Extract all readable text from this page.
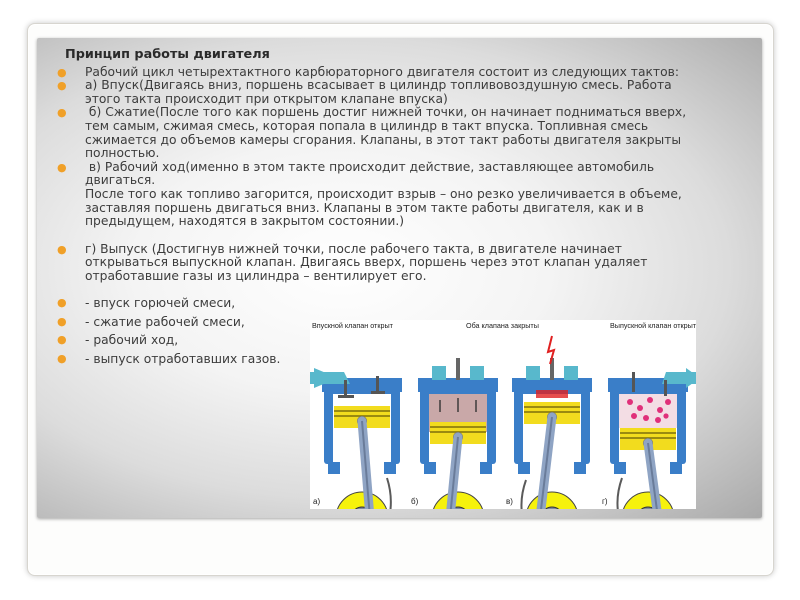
Принцип работы двигателя
● Рабочий цикл четырехтактного карбюраторного двигателя состоит из следующих тактов:
● а) Впуск(Двигаясь вниз, поршень всасывает в цилиндр топливовоздушную смесь. Работа
этого такта происходит при открытом клапане впуска)
● б) Сжатие(После того как поршень достиг нижней точки, он начинает подниматься вверх,
тем самым, сжимая смесь, которая попала в цилиндр в такт впуска. Топливная смесь
сжимается до объемов камеры сгорания. Клапаны, в этот такт работы двигателя закрыты
полностью.
● в) Рабочий ход(именно в этом такте происходит действие, заставляющее автомобиль
двигаться.
После того как топливо загорится, происходит взрыв – оно резко увеличивается в объеме,
заставляя поршень двигаться вниз. Клапаны в этом такте работы двигателя, как и в
предыдущем, находятся в закрытом состоянии.)
● г) Выпуск (Достигнув нижней точки, после рабочего такта, в двигателе начинает
открываться выпускной клапан. Двигаясь вверх, поршень через этот клапан удаляет
отработавшие газы из цилиндра – вентилирует его.
● - впуск горючей смеси,
● - сжатие рабочей смеси,
● - рабочий ход,
● - выпуск отработавших газов.
Впускной клапан открыт	Оба клапана закрыты	Выпускной клапан открыт
а)	б)	в)	г)
